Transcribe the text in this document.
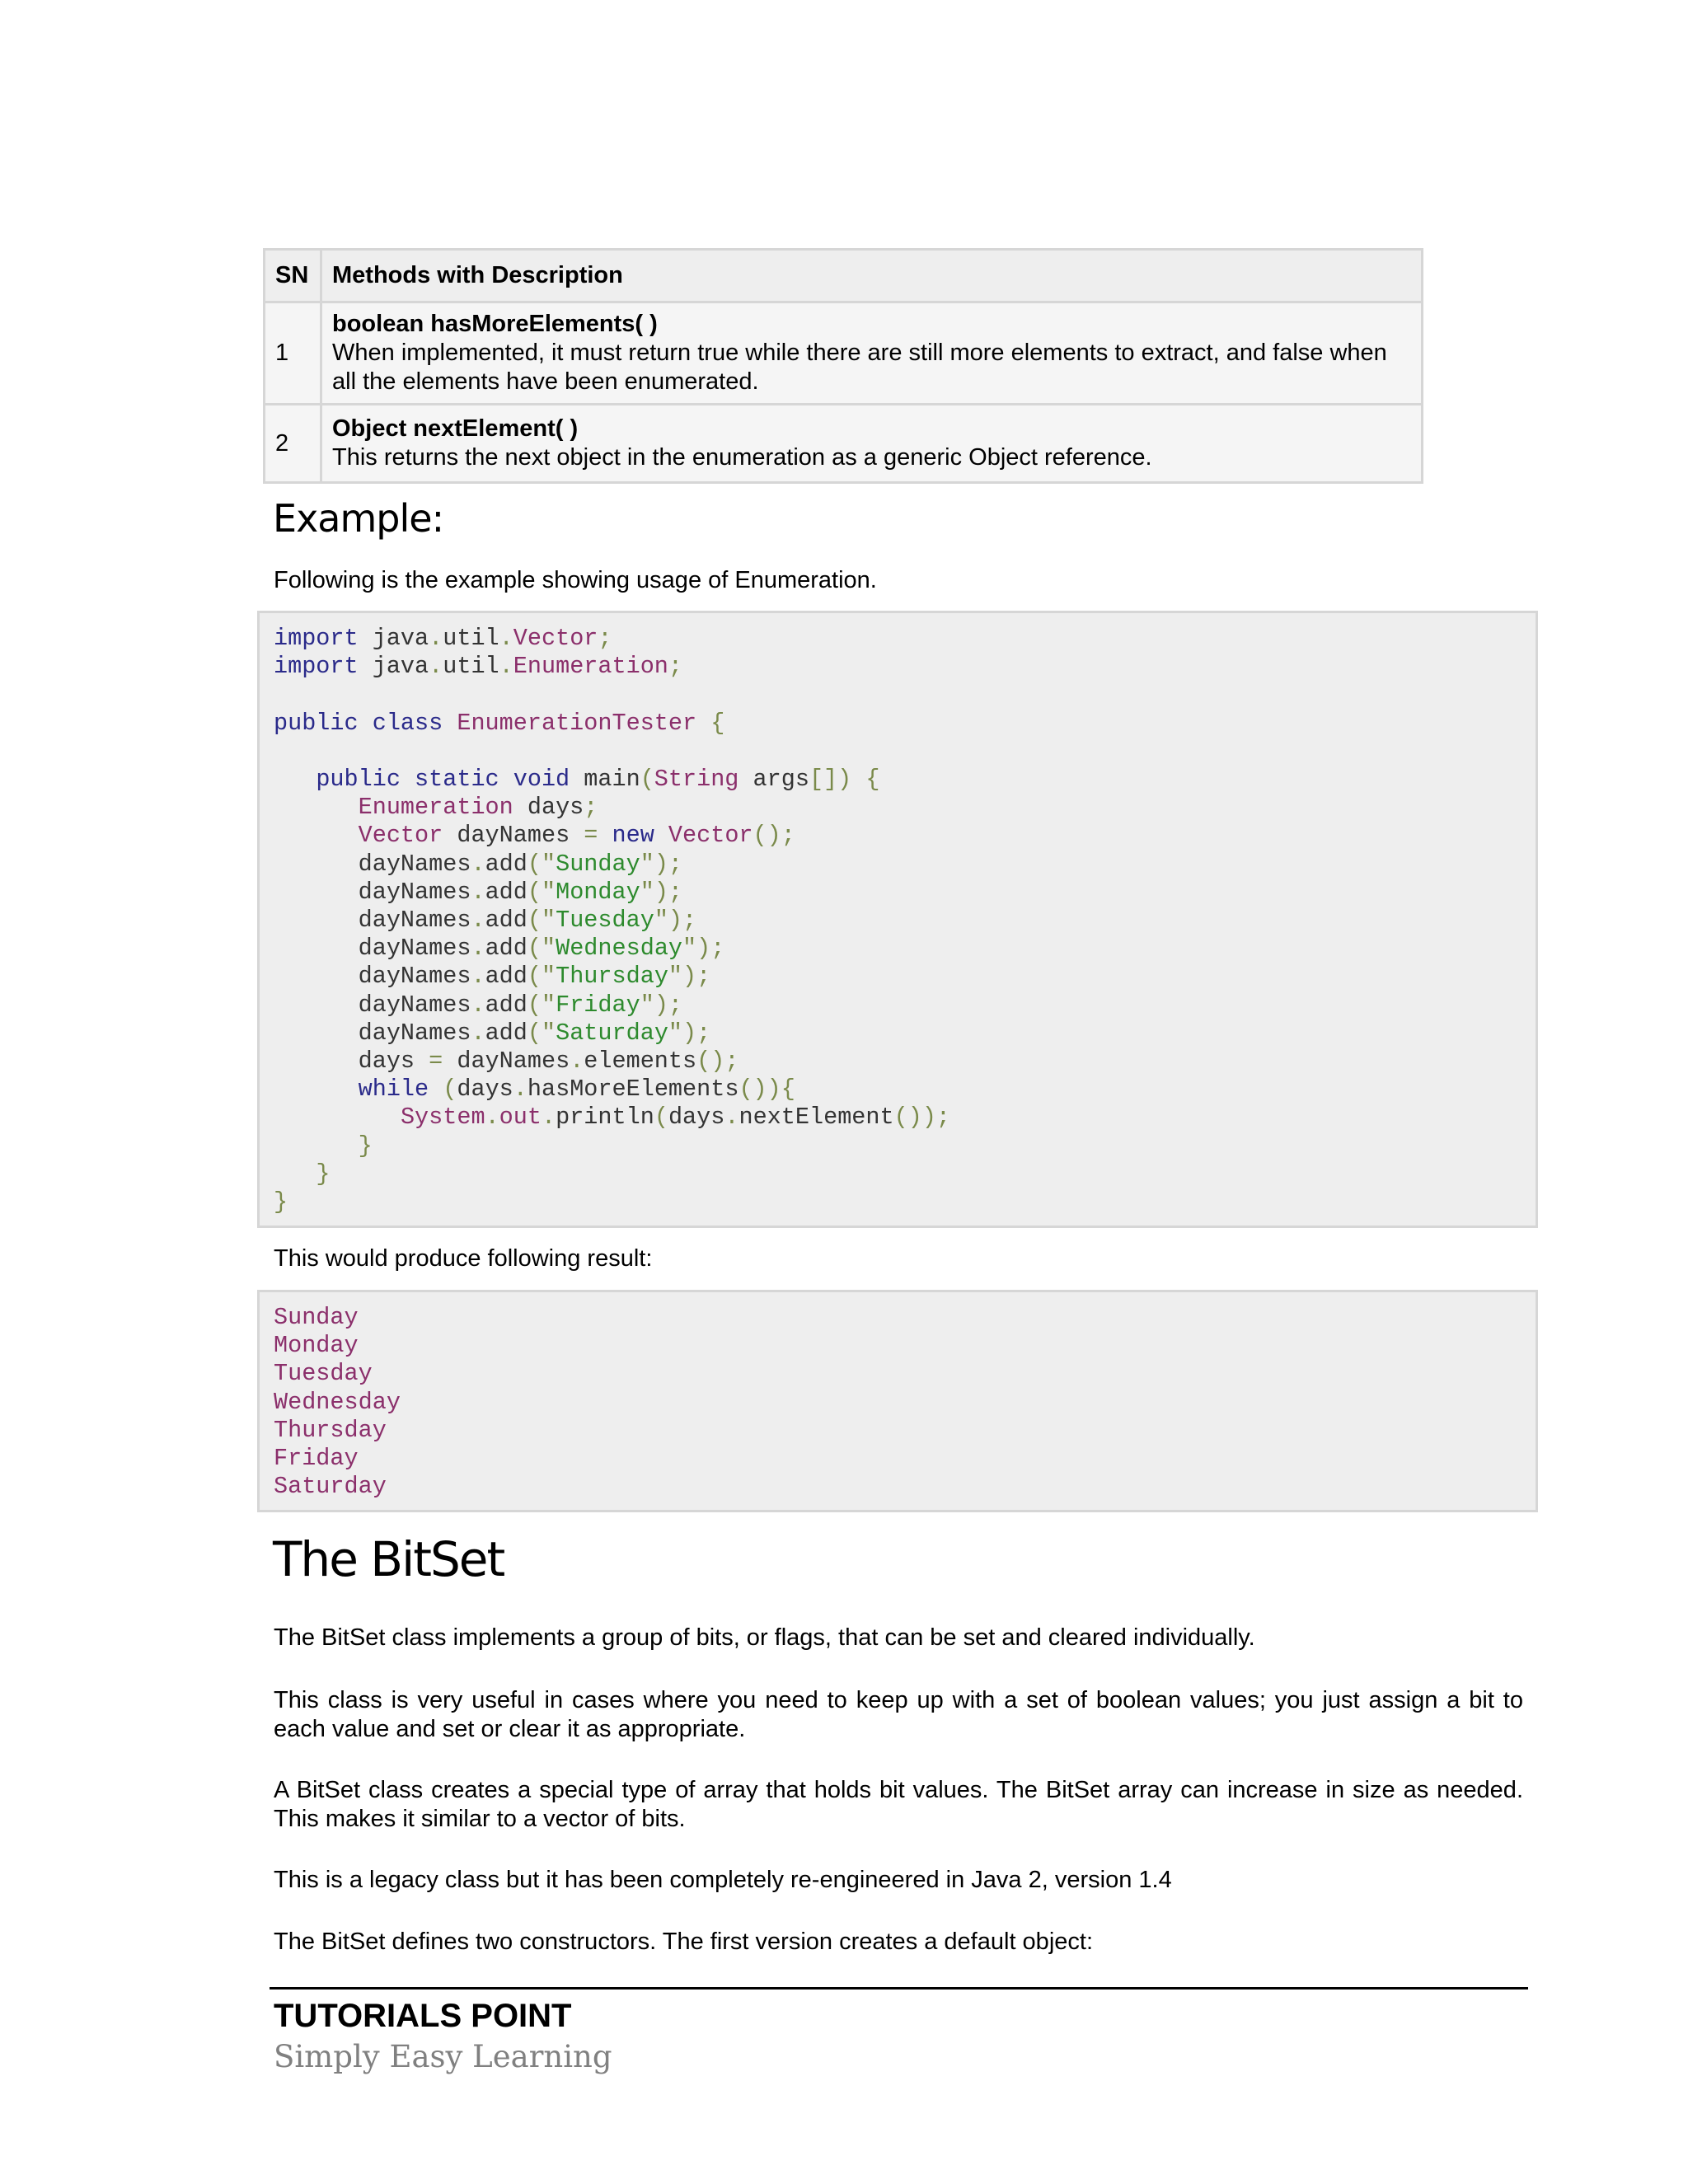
SN	Methods with Description
1	boolean hasMoreElements( )
When implemented, it must return true while there are still more elements to extract, and false when all the elements have been enumerated.

2	Object nextElement( )
This returns the next object in the enumeration as a generic Object reference.
Example:

Following is the example showing usage of Enumeration.

import java.util.Vector;
import java.util.Enumeration;

public class EnumerationTester {

public static void main(String args[]) {
Enumeration days;
Vector dayNames = new Vector();
dayNames.add("Sunday");
dayNames.add("Monday");
dayNames.add("Tuesday");
dayNames.add("Wednesday");
dayNames.add("Thursday");
dayNames.add("Friday");
dayNames.add("Saturday");
days = dayNames.elements();
while (days.hasMoreElements()){
System.out.println(days.nextElement());
}
}
}

This would produce following result:

Sunday
Monday
Tuesday
Wednesday
Thursday
Friday
Saturday
The BitSet

The BitSet class implements a group of bits, or flags, that can be set and cleared individually.

This class is very useful in cases where you need to keep up with a set of boolean values; you just assign a bit to each value and set or clear it as appropriate.

A BitSet class creates a special type of array that holds bit values. The BitSet array can increase in size as needed. This makes it similar to a vector of bits.

This is a legacy class but it has been completely re-engineered in Java 2, version 1.4

The BitSet defines two constructors. The first version creates a default object:

TUTORIALS POINT

Simply Easy Learning
